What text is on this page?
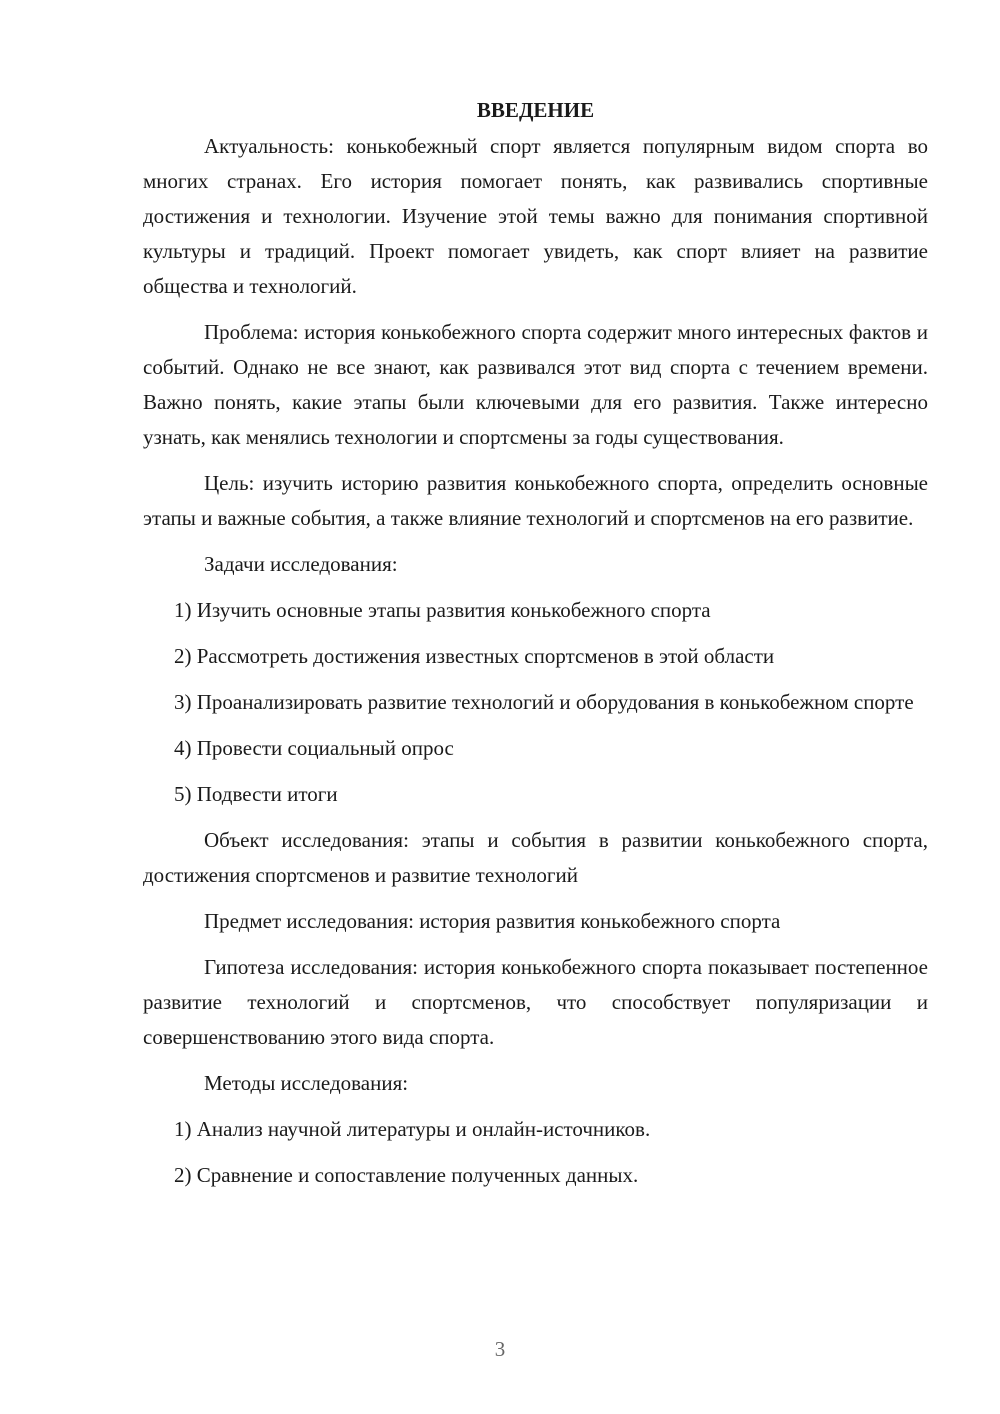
ВВЕДЕНИЕ

Актуальность: конькобежный спорт является популярным видом спорта во многих странах. Его история помогает понять, как развивались спортивные достижения и технологии. Изучение этой темы важно для понимания спортивной культуры и традиций. Проект помогает увидеть, как спорт влияет на развитие общества и технологий.

Проблема: история конькобежного спорта содержит много интересных фактов и событий. Однако не все знают, как развивался этот вид спорта с течением времени. Важно понять, какие этапы были ключевыми для его развития. Также интересно узнать, как менялись технологии и спортсмены за годы существования.

Цель: изучить историю развития конькобежного спорта, определить основные этапы и важные события, а также влияние технологий и спортсменов на его развитие.

Задачи исследования:

1) Изучить основные этапы развития конькобежного спорта

2) Рассмотреть достижения известных спортсменов в этой области

3) Проанализировать развитие технологий и оборудования в конькобежном спорте

4) Провести социальный опрос

5) Подвести итоги

Объект исследования: этапы и события в развитии конькобежного спорта, достижения спортсменов и развитие технологий

Предмет исследования: история развития конькобежного спорта

Гипотеза исследования: история конькобежного спорта показывает постепенное развитие технологий и спортсменов, что способствует популяризации и совершенствованию этого вида спорта.

Методы исследования:

1) Анализ научной литературы и онлайн-источников.

2) Сравнение и сопоставление полученных данных.

3
